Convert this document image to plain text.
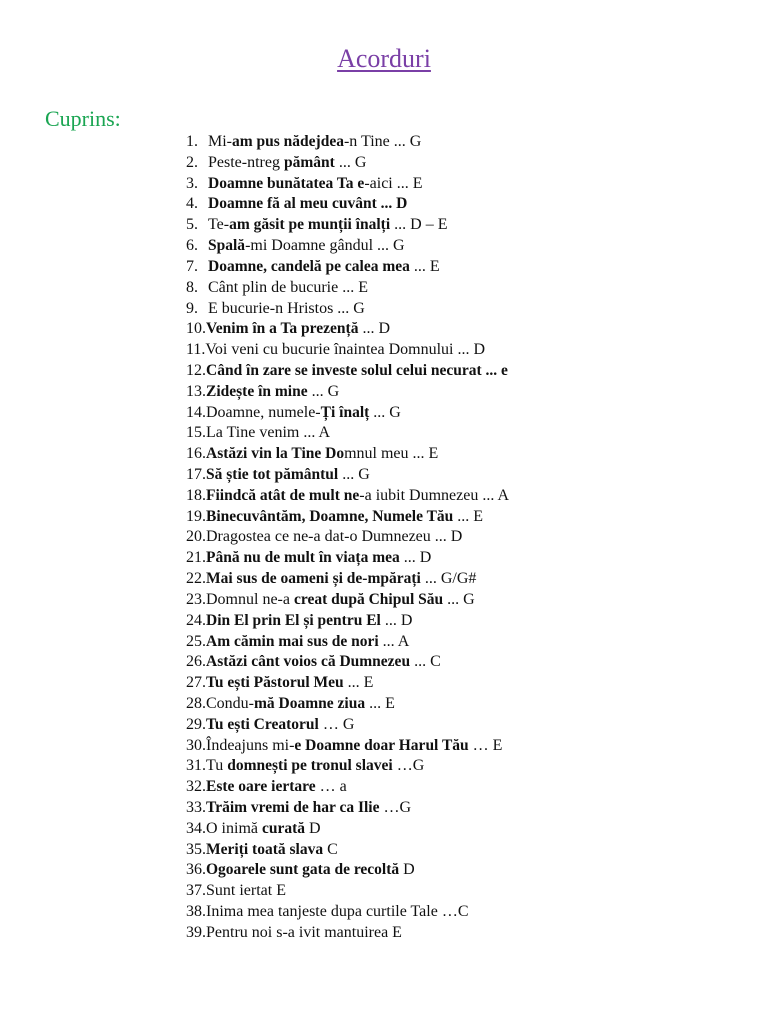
Acorduri
Cuprins:
1. Mi-am pus nădejdea-n Tine ... G
2. Peste-ntreg pământ ... G
3. Doamne bunătatea Ta e-aici ... E
4. Doamne fă al meu cuvânt ... D
5. Te-am găsit pe munții înalți ... D – E
6. Spală-mi Doamne gândul ... G
7. Doamne, candelă pe calea mea ... E
8. Cânt plin de bucurie ... E
9. E bucurie-n Hristos ... G
10.Venim în a Ta prezență ... D
11.Voi veni cu bucurie înaintea Domnului ... D
12.Când în zare se investe solul celui necurat ... e
13.Zidește în mine ... G
14.Doamne, numele-Ți înalț ... G
15.La Tine venim ... A
16.Astăzi vin la Tine Domnul meu ... E
17.Să știe tot pământul ... G
18.Fiindcă atât de mult ne-a iubit Dumnezeu ... A
19.Binecuvântăm, Doamne, Numele Tău ... E
20.Dragostea ce ne-a dat-o Dumnezeu ... D
21.Până nu de mult în viața mea ... D
22.Mai sus de oameni și de-mpărați ... G/G#
23.Domnul ne-a creat după Chipul Său ... G
24.Din El prin El și pentru El ... D
25.Am cămin mai sus de nori ... A
26.Astăzi cânt voios că Dumnezeu ... C
27.Tu ești Păstorul Meu ... E
28.Condu-mă Doamne ziua ... E
29.Tu ești Creatorul … G
30.Îndeajuns mi-e Doamne doar Harul Tău … E
31.Tu domnești pe tronul slavei …G
32.Este oare iertare … a
33.Trăim vremi de har ca Ilie …G
34.O inimă curată D
35.Meriți toată slava C
36.Ogoarele sunt gata de recoltă D
37.Sunt iertat E
38.Inima mea tanjeste dupa curtile Tale …C
39.Pentru noi s-a ivit mantuirea E
